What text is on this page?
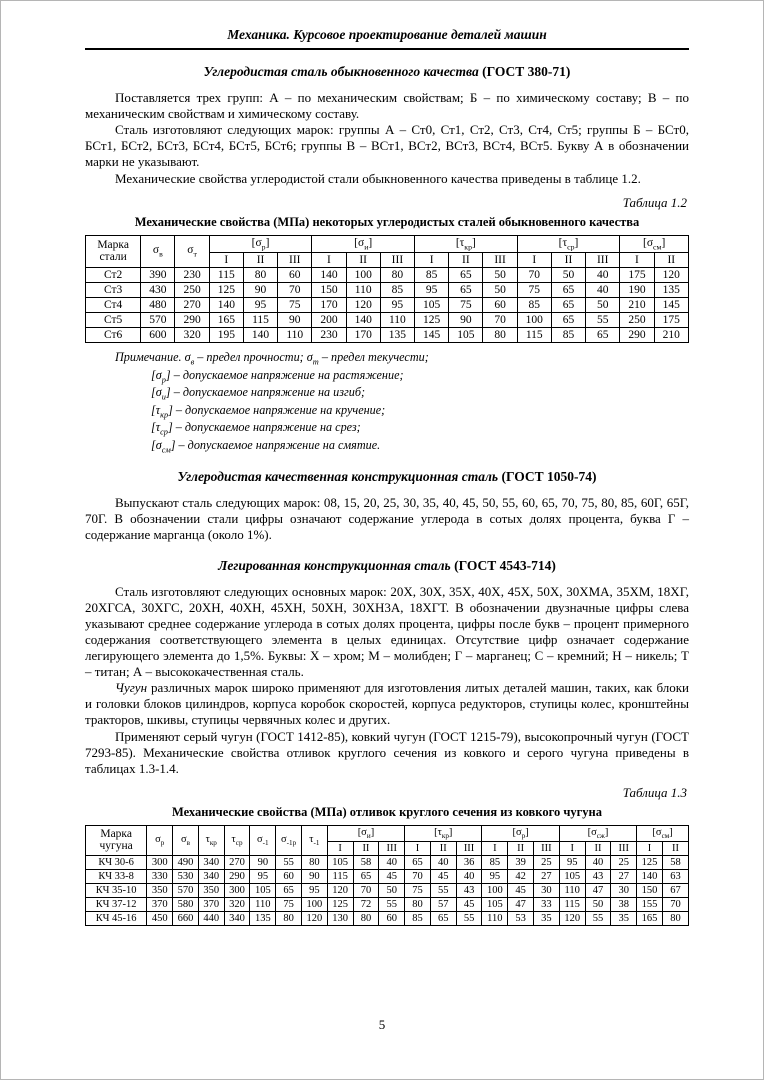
Механика. Курсовое проектирование деталей машин
Углеродистая сталь обыкновенного качества (ГОСТ 380-71)

Поставляется трех групп: А – по механическим свойствам; Б – по химическому составу; В – по механическим свойствам и химическому составу.

Сталь изготовляют следующих марок: группы А – Ст0, Ст1, Ст2, Ст3, Ст4, Ст5; группы Б – БСт0, БСт1, БСт2, БСт3, БСт4, БСт5, БСт6; группы В – ВСт1, ВСт2, ВСт3, ВСт4, ВСт5. Букву А в обозначении марки не указывают.

Механические свойства углеродистой стали обыкновенного качества приведены в таблице 1.2.

Таблица 1.2
Механические свойства (МПа) некоторых углеродистых сталей обыкновенного качества
Марка стали	$\sigma_в$	$\sigma_т$	$[\sigma_р]$			$[\sigma_и]$			$[\tau_{кр}]$			$[\tau_{ср}]$			$[\sigma_{см}]$	
			I	II	III	I	II	III	I	II	III	I	II	III	I	II
Ст2	390	230	115	80	60	140	100	80	85	65	50	70	50	40	175	120
Ст3	430	250	125	90	70	150	110	85	95	65	50	75	65	40	190	135
Ст4	480	270	140	95	75	170	120	95	105	75	60	85	65	50	210	145
Ст5	570	290	165	115	90	200	140	110	125	90	70	100	65	55	250	175
Ст6	600	320	195	140	110	230	170	135	145	105	80	115	85	65	290	210
Примечание. $\sigma_в$ – предел прочности; $\sigma_т$ – предел текучести;
$[\sigma_р]$ – допускаемое напряжение на растяжение;
$[\sigma_и]$ – допускаемое напряжение на изгиб;
$[\tau_{кр}]$ – допускаемое напряжение на кручение;
$[\tau_{ср}]$ – допускаемое напряжение на срез;
$[\sigma_{см}]$ – допускаемое напряжение на смятие.
Углеродистая качественная конструкционная сталь (ГОСТ 1050-74)

Выпускают сталь следующих марок: 08, 15, 20, 25, 30, 35, 40, 45, 50, 55, 60, 65, 70, 75, 80, 85, 60Г, 65Г, 70Г. В обозначении стали цифры означают содержание углерода в сотых долях процента, буква Г – содержание марганца (около 1%).

Легированная конструкционная сталь (ГОСТ 4543-714)

Сталь изготовляют следующих основных марок: 20Х, 30Х, 35Х, 40Х, 45Х, 50Х, 30ХМА, 35ХМ, 18ХГ, 20ХГСА, 30ХГС, 20ХН, 40ХН, 45ХН, 50ХН, 30ХН3А, 18ХГТ. В обозначении двузначные цифры слева указывают среднее содержание углерода в сотых долях процента, цифры после букв – процент примерного содержания соответствующего элемента в целых единицах. Отсутствие цифр означает содержание легирующего элемента до 1,5%. Буквы: Х – хром; М – молибден; Г – марганец; С – кремний; Н – никель; Т – титан; А – высококачественная сталь.

Чугун различных марок широко применяют для изготовления литых деталей машин, таких, как блоки и головки блоков цилиндров, корпуса коробок скоростей, корпуса редукторов, ступицы колес, кронштейны тракторов, шкивы, ступицы червячных колес и других.

Применяют серый чугун (ГОСТ 1412-85), ковкий чугун (ГОСТ 1215-79), высокопрочный чугун (ГОСТ 7293-85). Механические свойства отливок круглого сечения из ковкого и серого чугуна приведены в таблицах 1.3-1.4.

Таблица 1.3
Механические свойства (МПа) отливок круглого сечения из ковкого чугуна
Марка чугуна	$\sigma_р$	$\sigma_в$	$\tau_{кр}$	$\tau_{ср}$	$\sigma_{-1}$	$\sigma_{-1р}$	$\tau_{-1}$	$[\sigma_и]$			$[\tau_{кр}]$			$[\sigma_р]$			$[\sigma_{сж}]$			$[\sigma_{см}]$	
								I	II	III	I	II	III	I	II	III	I	II	III	I	II
КЧ 30-6	300	490	340	270	90	55	80	105	58	40	65	40	36	85	39	25	95	40	25	125	58
КЧ 33-8	330	530	340	290	95	60	90	115	65	45	70	45	40	95	42	27	105	43	27	140	63
КЧ 35-10	350	570	350	300	105	65	95	120	70	50	75	55	43	100	45	30	110	47	30	150	67
КЧ 37-12	370	580	370	320	110	75	100	125	72	55	80	57	45	105	47	33	115	50	38	155	70
КЧ 45-16	450	660	440	340	135	80	120	130	80	60	85	65	55	110	53	35	120	55	35	165	80
5
